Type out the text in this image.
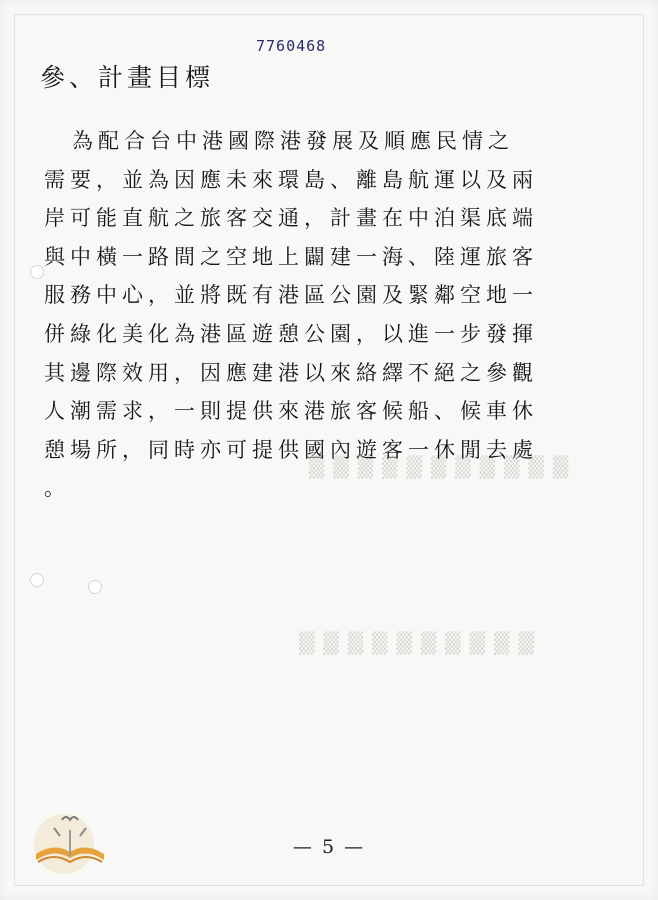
▒▒▒▒▒▒▒▒▒▒▒
▒▒▒▒▒▒▒▒▒▒
7760468
參、計畫目標

為配合台中港國際港發展及順應民情之
需要，並為因應未來環島、離島航運以及兩
岸可能直航之旅客交通，計畫在中泊渠底端
與中橫一路間之空地上闢建一海、陸運旅客
服務中心，並將既有港區公園及緊鄰空地一
併綠化美化為港區遊憩公園，以進一步發揮
其邊際效用，因應建港以來絡繹不絕之參觀
人潮需求，一則提供來港旅客候船、候車休
憩場所，同時亦可提供國內遊客一休閒去處
。

— 5 —
